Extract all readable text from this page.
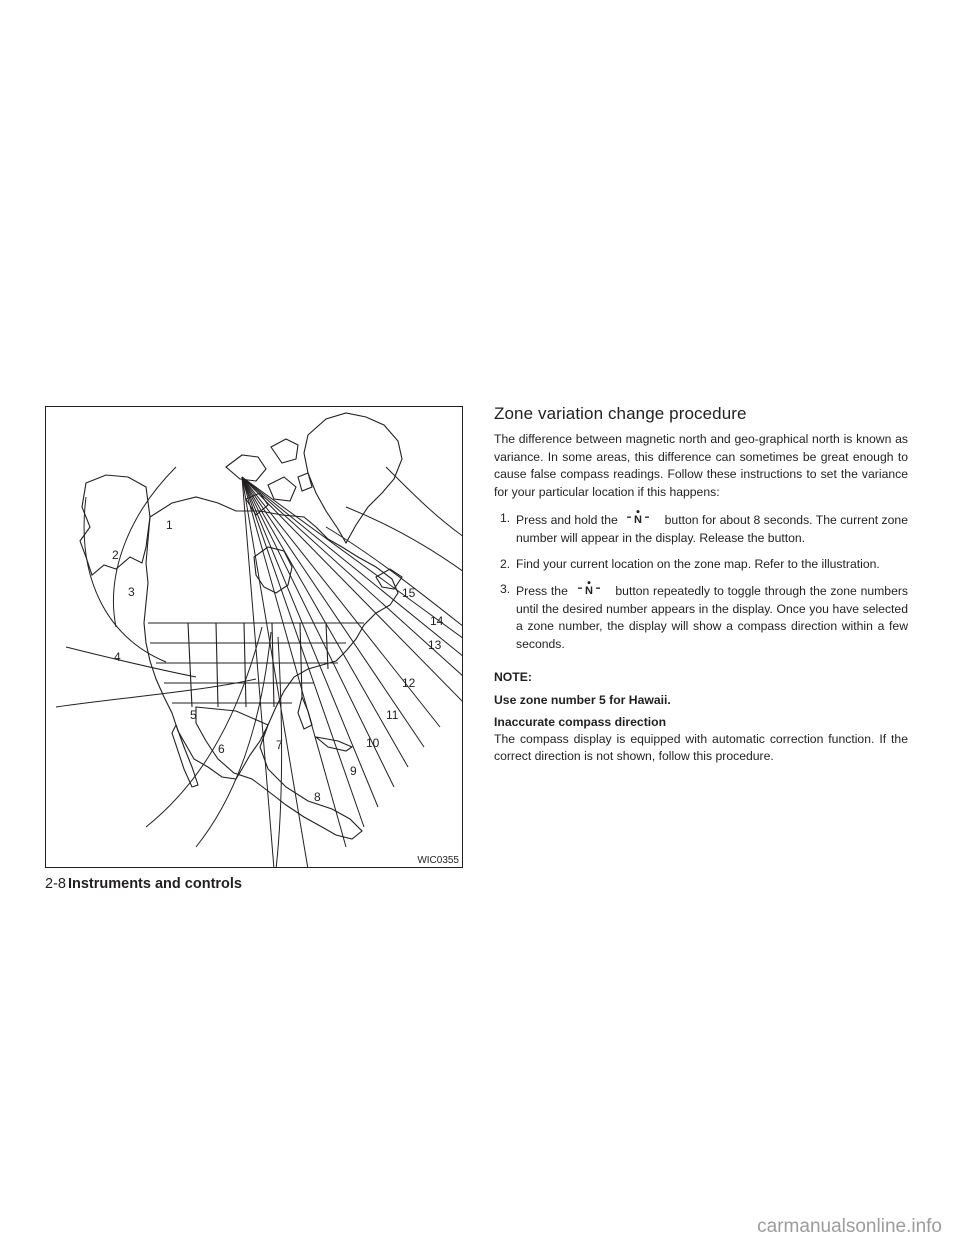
1
2
3
4
5
6	7
8
9
10
11
12
13
14
15
WIC0355
Zone variation change procedure

The difference between magnetic north and geo-graphical north is known as variance. In some areas, this difference can sometimes be great enough to cause false compass readings. Follow these instructions to set the variance for your particular location if this happens:

1. Press and hold the N button for about 8 seconds. The current zone number will appear in the display. Release the button.
2. Find your current location on the zone map. Refer to the illustration.
3. Press the N button repeatedly to toggle through the zone numbers until the desired number appears in the display. Once you have selected a zone number, the display will show a compass direction within a few seconds.
NOTE:
Use zone number 5 for Hawaii.
Inaccurate compass direction

The compass display is equipped with automatic correction function. If the correct direction is not shown, follow this procedure.

2-8 Instruments and controls
carmanualsonline.info
